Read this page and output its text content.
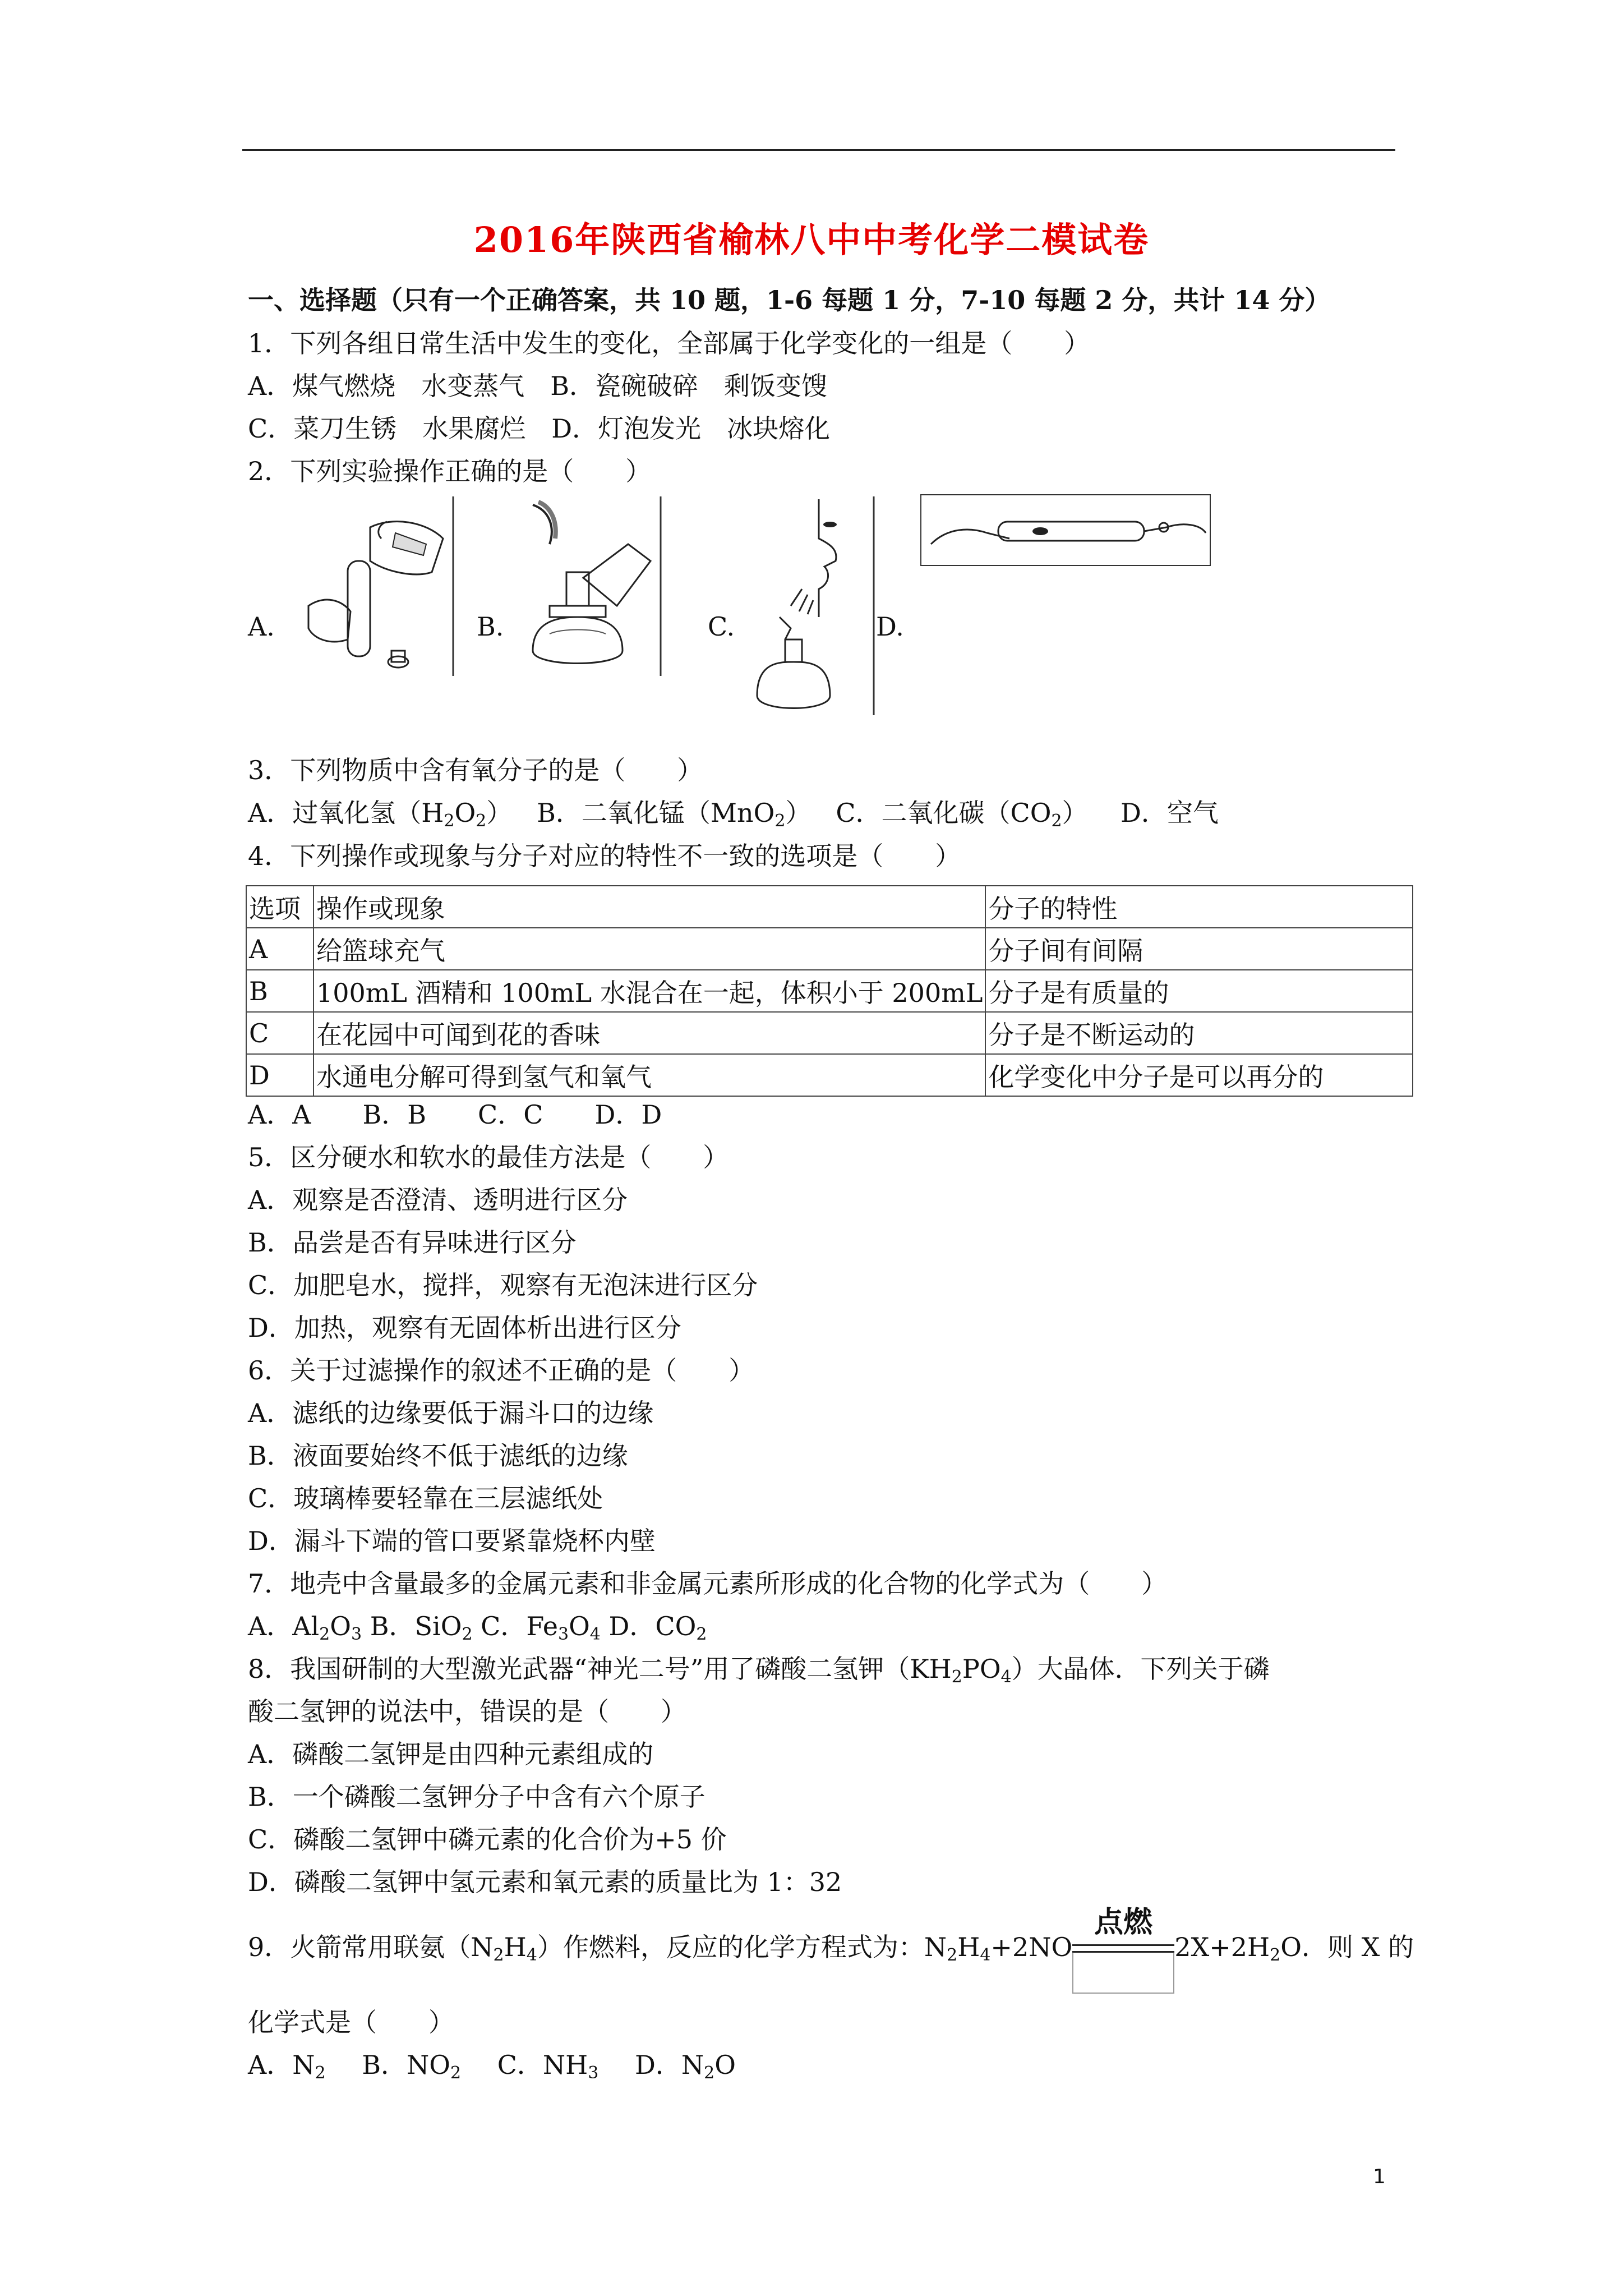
2016年陕西省榆林八中中考化学二模试卷
一、选择题（只有一个正确答案，共 10 题，1-6 每题 1 分，7-10 每题 2 分，共计 14 分）
1．下列各组日常生活中发生的变化，全部属于化学变化的一组是（　　）
A．煤气燃烧　水变蒸气　B．瓷碗破碎　剩饭变馊
C．菜刀生锈　水果腐烂　D．灯泡发光　冰块熔化
2．下列实验操作正确的是（　　）
A.	B.	C.	D.
3．下列物质中含有氧分子的是（　　）
A．过氧化氢$(H_2O_2)$ B．二氧化锰（MnO$_2$） C．二氧化碳$(CO_2)$ D．空气
4．下列操作或现象与分子对应的特性不一致的选项是（　　）
选项	操作或现象	分子的特性
A	给篮球充气	分子间有间隔
B	100mL 酒精和 100mL 水混合在一起，体积小于 200mL	分子是有质量的
C	在花园中可闻到花的香味	分子是不断运动的
D	水通电分解可得到氢气和氧气	化学变化中分子是可以再分的
A．A　　B．B　　C．C　　D．D
5．区分硬水和软水的最佳方法是（　　）
A．观察是否澄清、透明进行区分
B．品尝是否有异味进行区分
C．加肥皂水，搅拌，观察有无泡沫进行区分
D．加热，观察有无固体析出进行区分
6．关于过滤操作的叙述不正确的是（　　）
A．滤纸的边缘要低于漏斗口的边缘
B．液面要始终不低于滤纸的边缘
C．玻璃棒要轻靠在三层滤纸处
D．漏斗下端的管口要紧靠烧杯内壁
7．地壳中含量最多的金属元素和非金属元素所形成的化合物的化学式为（　　）
A．$Al_2O_3$ B．SiO$_2$ C．$Fe_3O_4$ D．$CO_2$
8．我国研制的大型激光武器“神光二号”用了磷酸二氢钾$(KH_2PO_4)$大晶体．下列关于磷
酸二氢钾的说法中，错误的是（　　）
A．磷酸二氢钾是由四种元素组成的
B．一个磷酸二氢钾分子中含有六个原子
C．磷酸二氢钾中磷元素的化合价为+5 价
D．磷酸二氢钾中氢元素和氧元素的质量比为 1：32
9．火箭常用联氨$(N_2H_4)$作燃料，反应的化学方程式为：$N_2H_4+2NO$	$2X+2H_2O$．则 X 的
点燃
化学式是（　　）
A．$N_2$ B．$NO_2$ C．$NH_3$ D．$N_2O$
1
